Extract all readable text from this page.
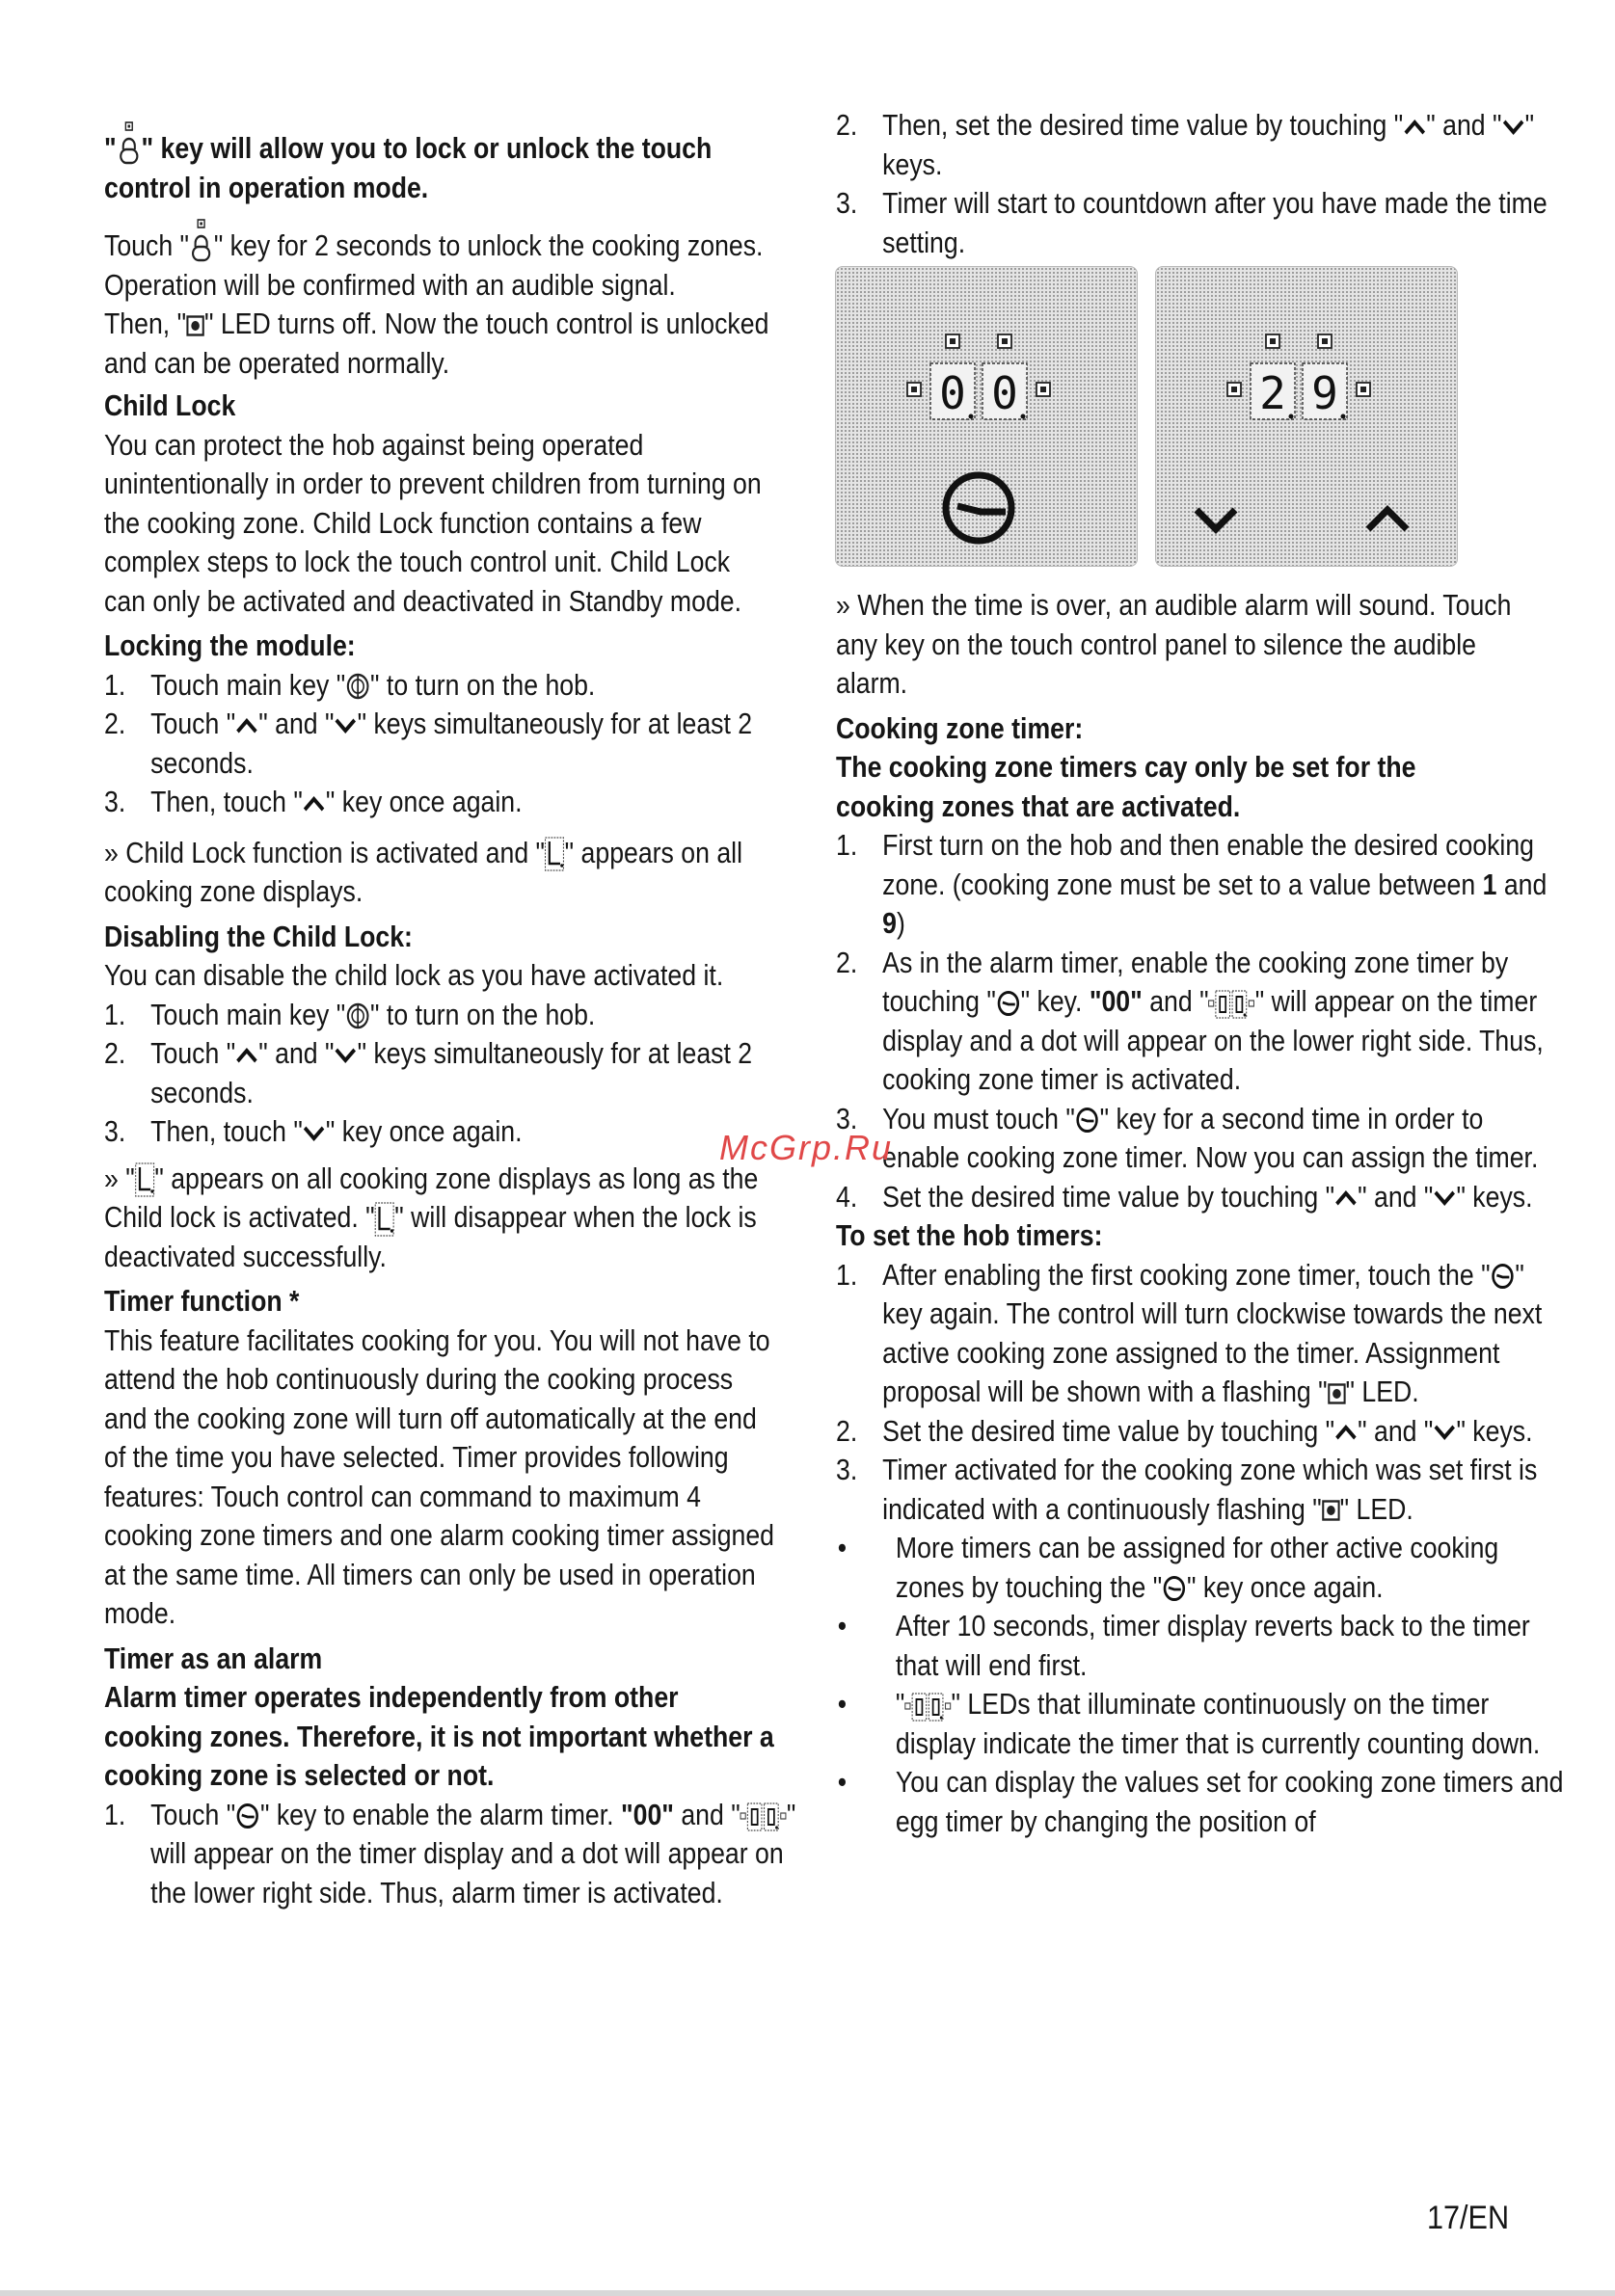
" " key will allow you to lock or unlock the touch control in operation mode.

Touch " " key for 2 seconds to unlock the cooking zones. Operation will be confirmed with an audible signal.

Then, " " LED turns off. Now the touch control is unlocked and can be operated normally.

Child Lock

You can protect the hob against being operated unintentionally in order to prevent children from turning on the cooking zone. Child Lock function contains a few complex steps to lock the touch control unit. Child Lock can only be activated and deactivated in Standby mode.

Locking the module:

1. Touch main key " " to turn on the hob.

2. Touch " " and " " keys simultaneously for at least 2 seconds.

3. Then, touch " " key once again.

» Child Lock function is activated and " " appears on all cooking zone displays.

Disabling the Child Lock:

You can disable the child lock as you have activated it.

1. Touch main key " " to turn on the hob.

2. Touch " " and " " keys simultaneously for at least 2 seconds.

3. Then, touch " " key once again.

» " " appears on all cooking zone displays as long as the Child lock is activated. " " will disappear when the lock is deactivated successfully.

Timer function *

This feature facilitates cooking for you. You will not have to attend the hob continuously during the cooking process and the cooking zone will turn off automatically at the end of the time you have selected. Timer provides following features: Touch control can command to maximum 4 cooking zone timers and one alarm cooking timer assigned at the same time. All timers can only be used in operation mode.

Timer as an alarm

Alarm timer operates independently from other cooking zones. Therefore, it is not important whether a cooking zone is selected or not.

1. Touch " " key to enable the alarm timer. "00" and " " will appear on the timer display and a dot will appear on the lower right side. Thus, alarm timer is activated.

2. Then, set the desired time value by touching " " and " " keys.

3. Timer will start to countdown after you have made the time setting.

» When the time is over, an audible alarm will sound. Touch any key on the touch control panel to silence the audible alarm.

Cooking zone timer:

The cooking zone timers cay only be set for the cooking zones that are activated.

1. First turn on the hob and then enable the desired cooking zone. (cooking zone must be set to a value between 1 and 9)

2. As in the alarm timer, enable the cooking zone timer by touching " " key. "00" and " " will appear on the timer display and a dot will appear on the lower right side. Thus, cooking zone timer is activated.

3. You must touch " " key for a second time in order to enable cooking zone timer. Now you can assign the timer.

4. Set the desired time value by touching " " and " " keys.

To set the hob timers:

1. After enabling the first cooking zone timer, touch the " " key again. The control will turn clockwise towards the next active cooking zone assigned to the timer. Assignment proposal will be shown with a flashing " " LED.

2. Set the desired time value by touching " " and " " keys.

3. Timer activated for the cooking zone which was set first is indicated with a continuously flashing " " LED.

• More timers can be assigned for other active cooking zones by touching the " " key once again.

• After 10 seconds, timer display reverts back to the timer that will end first.

• " " LEDs that illuminate continuously on the timer display indicate the timer that is currently counting down.

• You can display the values set for cooking zone timers and egg timer by changing the position of

0 0	2 9
McGrp.Ru
17/EN
